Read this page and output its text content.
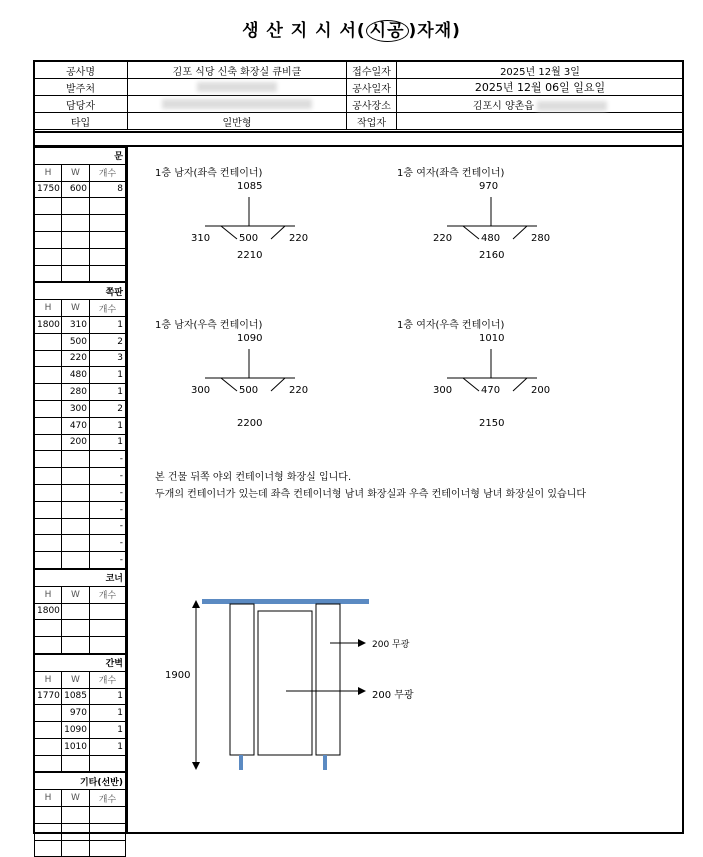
생 산 지 시 서( 시공 )자재)
공사명	김포 식당 신축 화장실 큐비클	접수일자	2025년 12월 3일
발주처		공사일자	2025년 12월 06일 일요일
담당자		공사장소	김포시 양촌읍
타입	일반형	작업자	
문		
H	W	개수
1750	600	8

쪽판		
H	W	개수
1800	310	1
	500	2
	220	3
	480	1
	280	1
	300	2
	470	1
	200	1
		-
		-
		-
		-
		-
		-
		-
코너		
H	W	개수
1800		

간벽		
H	W	개수
1770	1085	1
	970	1
	1090	1
	1010	1

기타(선반)		
H	W	개수

1층 남자(좌측 컨테이너)
1085
310	500	220
2210
1층 여자(좌측 컨테이너)
970
220	480	280
2160
1층 남자(우측 컨테이너)
1090
300	500	220
2200
1층 여자(우측 컨테이너)
1010
300	470	200
2150
본 건물 뒤쪽 야외 컨테이너형 화장실 입니다.
두개의 컨테이너가 있는데 좌측 컨테이너형 남녀 화장실과 우측 컨테이너형 남녀 화장실이 있습니다
1900
200 무광
200 무광
